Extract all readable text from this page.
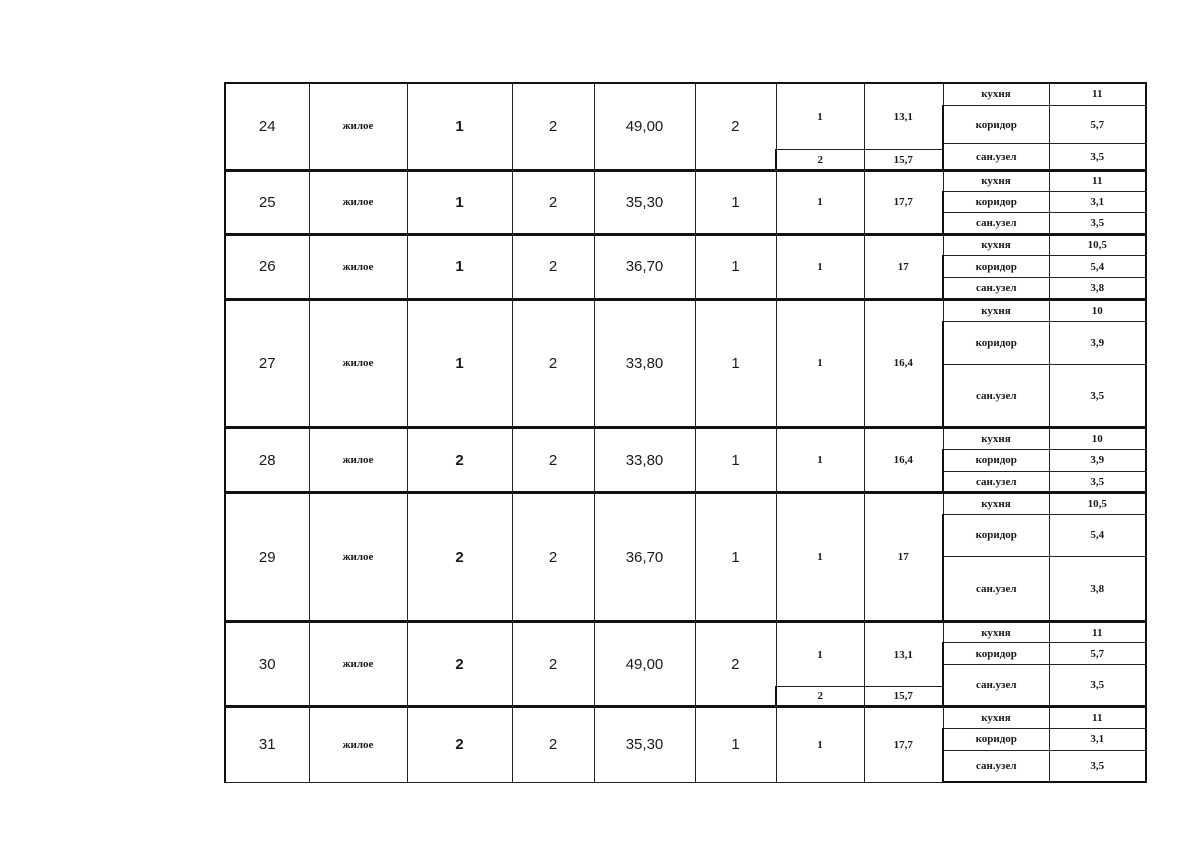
24	жилое	1	2	49,00	2	1	13,1	кухня	11
								коридор	5,7
								сан.узел	3,5
						2	15,7		
25	жилое	1	2	35,30	1	1	17,7	кухня	11
								коридор	3,1
								сан.узел	3,5
26	жилое	1	2	36,70	1	1	17	кухня	10,5
								коридор	5,4
								сан.узел	3,8
27	жилое	1	2	33,80	1	1	16,4	кухня	10
								коридор	3,9
								сан.узел	3,5
28	жилое	2	2	33,80	1	1	16,4	кухня	10
								коридор	3,9
								сан.узел	3,5
29	жилое	2	2	36,70	1	1	17	кухня	10,5
								коридор	5,4
								сан.узел	3,8
30	жилое	2	2	49,00	2	1	13,1	кухня	11
								коридор	5,7
								сан.узел	3,5
						2	15,7		
31	жилое	2	2	35,30	1	1	17,7	кухня	11
								коридор	3,1
								сан.узел	3,5
